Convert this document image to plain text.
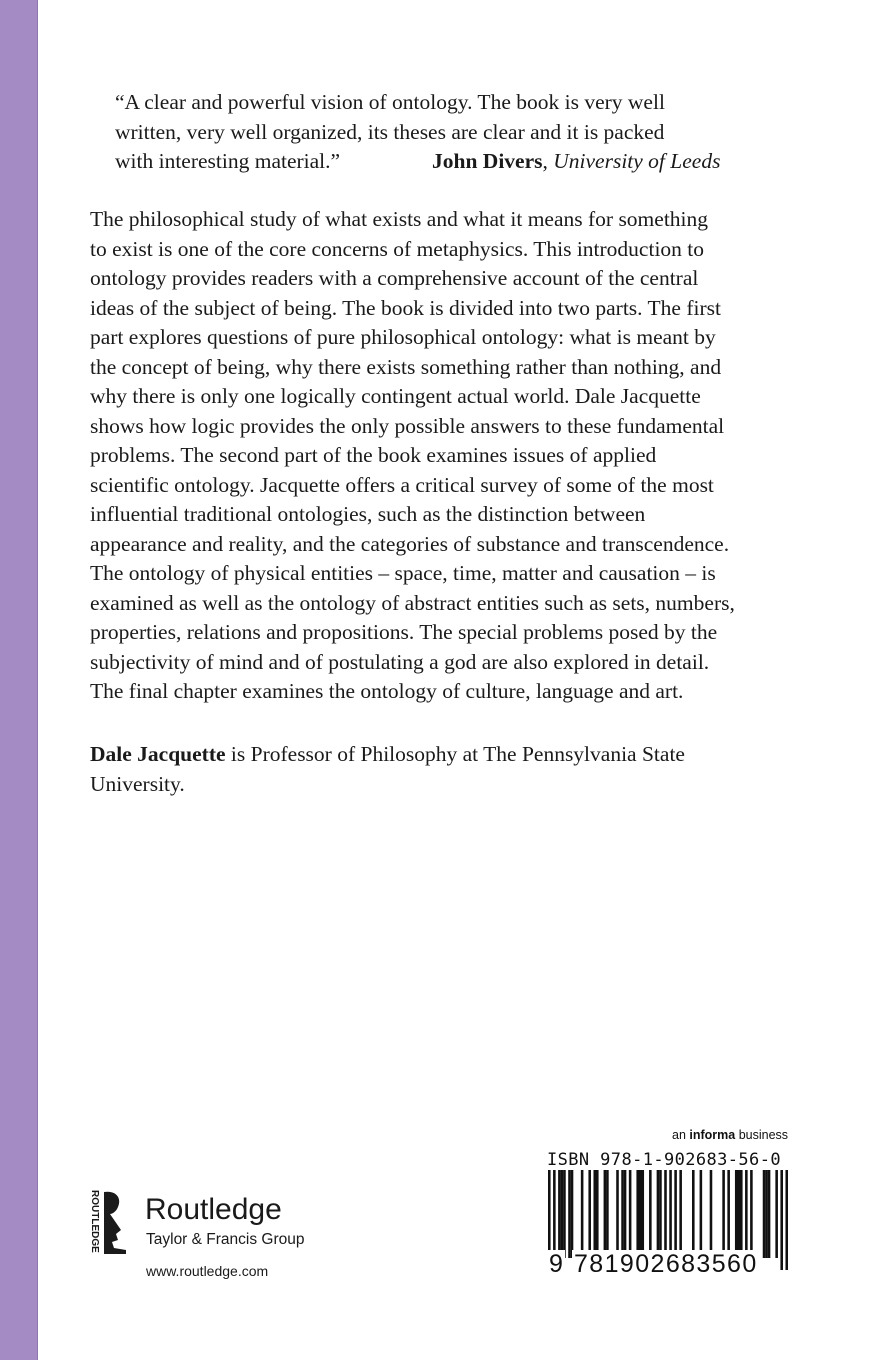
“A clear and powerful vision of ontology. The book is very well
written, very well organized, its theses are clear and it is packed
with interesting material.”	John Divers, University of Leeds
The philosophical study of what exists and what it means for something
to exist is one of the core concerns of metaphysics. This introduction to
ontology provides readers with a comprehensive account of the central
ideas of the subject of being. The book is divided into two parts. The first
part explores questions of pure philosophical ontology: what is meant by
the concept of being, why there exists something rather than nothing, and
why there is only one logically contingent actual world. Dale Jacquette
shows how logic provides the only possible answers to these fundamental
problems. The second part of the book examines issues of applied
scientific ontology. Jacquette offers a critical survey of some of the most
influential traditional ontologies, such as the distinction between
appearance and reality, and the categories of substance and transcendence.
The ontology of physical entities – space, time, matter and causation – is
examined as well as the ontology of abstract entities such as sets, numbers,
properties, relations and propositions. The special problems posed by the
subjectivity of mind and of postulating a god are also explored in detail.
The final chapter examines the ontology of culture, language and art.
Dale Jacquette is Professor of Philosophy at The Pennsylvania State
University.
an informa business
ISBN 978-1-902683-56-0
9 781902683560
ROUTLEDGE Routledge
Taylor & Francis Group
www.routledge.com
